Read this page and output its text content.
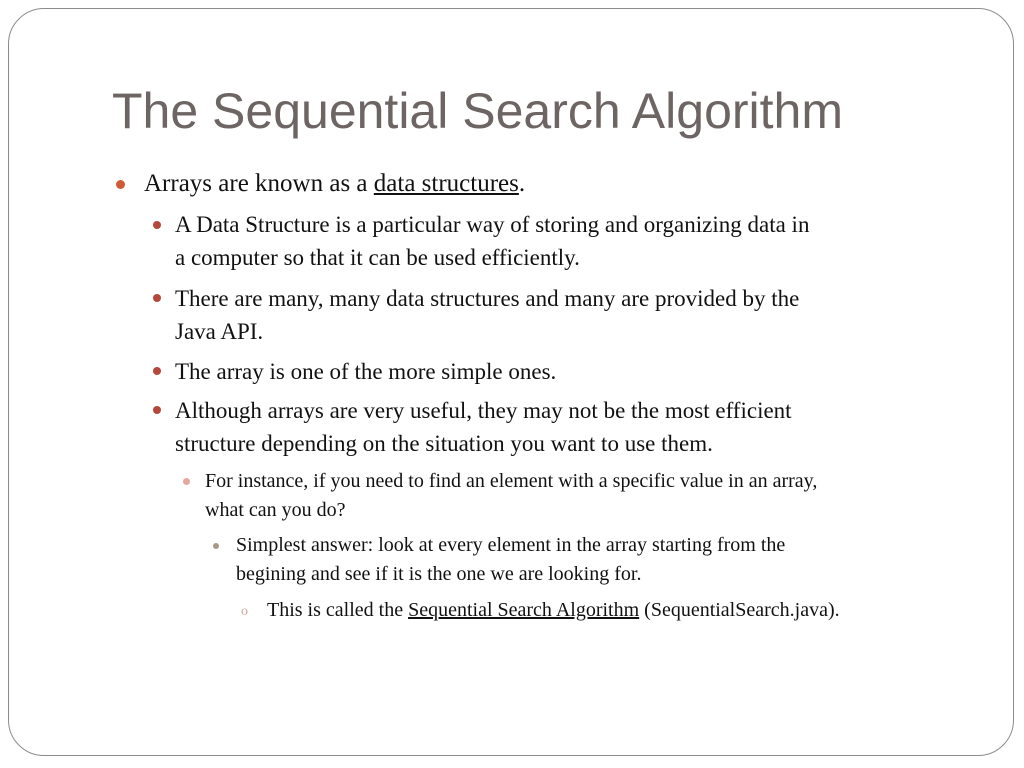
The Sequential Search Algorithm
Arrays are known as a data structures.
A Data Structure is a particular way of storing and organizing data in
a computer so that it can be used efficiently.
There are many, many data structures and many are provided by the
Java API.
The array is one of the more simple ones.
Although arrays are very useful, they may not be the most efficient
structure depending on the situation you want to use them.
For instance, if you need to find an element with a specific value in an array,
what can you do?
Simplest answer: look at every element in the array starting from the
begining and see if it is the one we are looking for.
o This is called the Sequential Search Algorithm (SequentialSearch.java).
